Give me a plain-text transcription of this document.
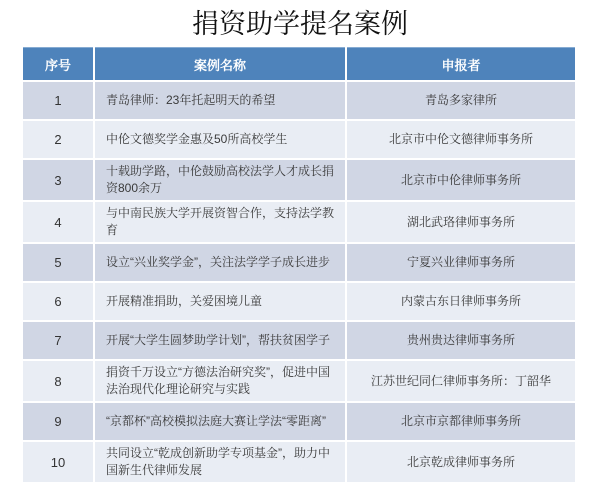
捐资助学提名案例
序号	案例名称	申报者
1	青岛律师：23年托起明天的希望	青岛多家律所
2	中伦文德奖学金惠及50所高校学生	北京市中伦文德律师事务所
3	十载助学路，中伦鼓励高校法学人才成长捐资800余万	北京市中伦律师事务所
4	与中南民族大学开展资智合作，支持法学教育	湖北武珞律师事务所
5	设立“兴业奖学金”，关注法学学子成长进步	宁夏兴业律师事务所
6	开展精准捐助，关爱困境儿童	内蒙古东日律师事务所
7	开展“大学生圆梦助学计划”，帮扶贫困学子	贵州贵达律师事务所
8	捐资千万设立“方德法治研究奖”，促进中国法治现代化理论研究与实践	江苏世纪同仁律师事务所：丁韶华
9	“京都杯”高校模拟法庭大赛让学法“零距离”	北京市京都律师事务所
10	共同设立“乾成创新助学专项基金”，助力中国新生代律师发展	北京乾成律师事务所
